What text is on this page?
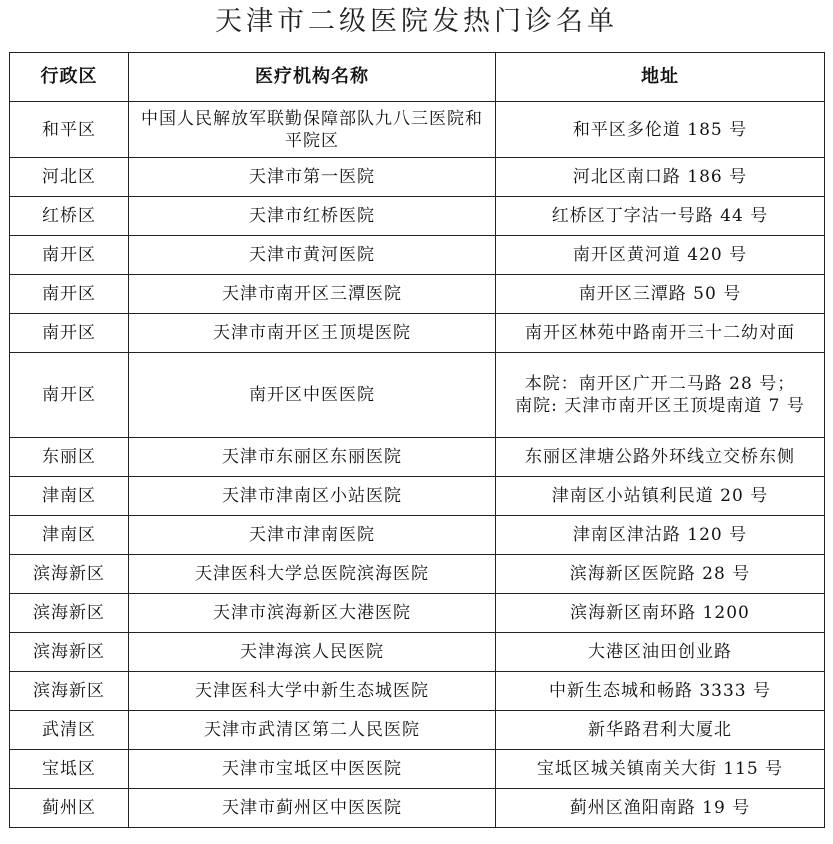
天津市二级医院发热门诊名单
行政区	医疗机构名称	地址
和平区	中国人民解放军联勤保障部队九八三医院和平院区	和平区多伦道 185 号
河北区	天津市第一医院	河北区南口路 186 号
红桥区	天津市红桥医院	红桥区丁字沽一号路 44 号
南开区	天津市黄河医院	南开区黄河道 420 号
南开区	天津市南开区三潭医院	南开区三潭路 50 号
南开区	天津市南开区王顶堤医院	南开区林苑中路南开三十二幼对面
南开区	南开区中医医院	本院：南开区广开二马路 28 号；
南院: 天津市南开区王顶堤南道 7 号

东丽区	天津市东丽区东丽医院	东丽区津塘公路外环线立交桥东侧
津南区	天津市津南区小站医院	津南区小站镇利民道 20 号
津南区	天津市津南医院	津南区津沽路 120 号
滨海新区	天津医科大学总医院滨海医院	滨海新区医院路 28 号
滨海新区	天津市滨海新区大港医院	滨海新区南环路 1200
滨海新区	天津海滨人民医院	大港区油田创业路
滨海新区	天津医科大学中新生态城医院	中新生态城和畅路 3333 号
武清区	天津市武清区第二人民医院	新华路君利大厦北
宝坻区	天津市宝坻区中医医院	宝坻区城关镇南关大街 115 号
蓟州区	天津市蓟州区中医医院	蓟州区渔阳南路 19 号
